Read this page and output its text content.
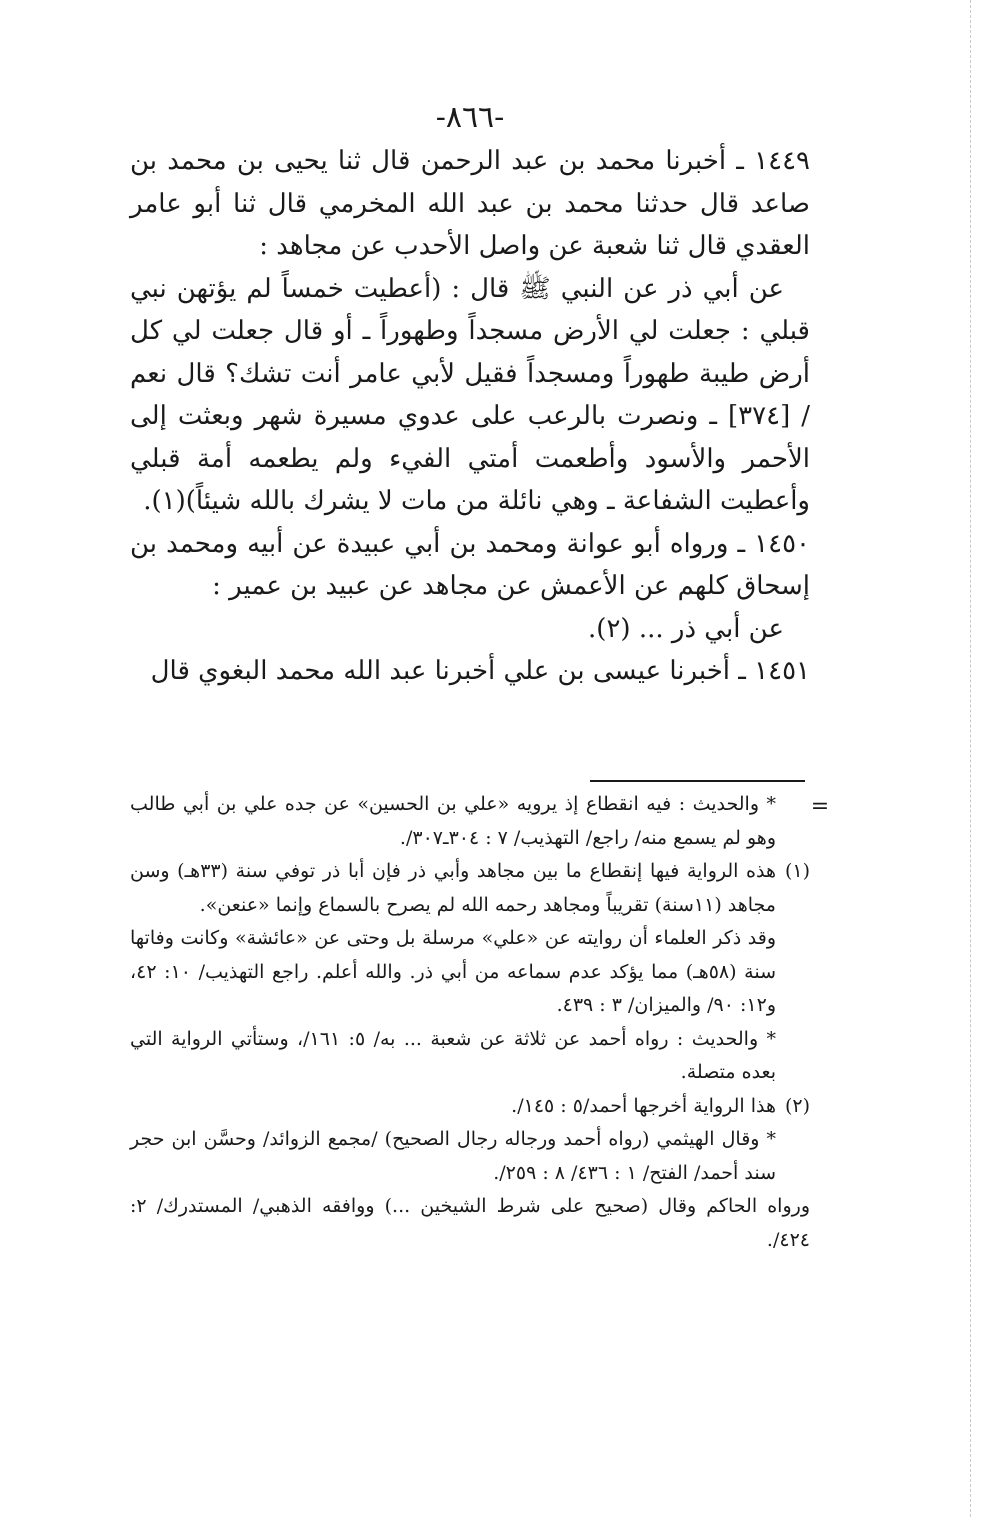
-٨٦٦-

١٤٤٩ ـ أخبرنا محمد بن عبد الرحمن قال ثنا يحيى بن محمد بن صاعد قال حدثنا محمد بن عبد الله المخرمي قال ثنا أبو عامر العقدي قال ثنا شعبة عن واصل الأحدب عن مجاهد :

عن أبي ذر عن النبي ﷺ قال : (أعطيت خمساً لم يؤتهن نبي قبلي : جعلت لي الأرض مسجداً وطهوراً ـ أو قال جعلت لي كل أرض طيبة طهوراً ومسجداً فقيل لأبي عامر أنت تشك؟ قال نعم / [٣٧٤] ـ ونصرت بالرعب على عدوي مسيرة شهر وبعثت إلى الأحمر والأسود وأطعمت أمتي الفيء ولم يطعمه أمة قبلي وأعطيت الشفاعة ـ وهي نائلة من مات لا يشرك بالله شيئاً)(١).

١٤٥٠ ـ ورواه أبو عوانة ومحمد بن أبي عبيدة عن أبيه ومحمد بن إسحاق كلهم عن الأعمش عن مجاهد عن عبيد بن عمير :

عن أبي ذر ... (٢).

١٤٥١ ـ أخبرنا عيسى بن علي أخبرنا عبد الله محمد البغوي قال

=

* والحديث : فيه انقطاع إذ يرويه «علي بن الحسين» عن جده علي بن أبي طالب وهو لم يسمع منه/ راجع/ التهذيب/ ٧ : ٣٠٤ـ٣٠٧/.

(١)

هذه الرواية فيها إنقطاع ما بين مجاهد وأبي ذر فإن أبا ذر توفي سنة (٣٣هـ) وسن مجاهد (١١سنة) تقريباً ومجاهد رحمه الله لم يصرح بالسماع وإنما «عنعن».

وقد ذكر العلماء أن روايته عن «علي» مرسلة بل وحتى عن «عائشة» وكانت وفاتها سنة (٥٨هـ) مما يؤكد عدم سماعه من أبي ذر. والله أعلم. راجع التهذيب/ ١٠: ٤٢، و١٢: ٩٠/ والميزان/ ٣ : ٤٣٩.

* والحديث : رواه أحمد عن ثلاثة عن شعبة ... به/ ٥: ١٦١/، وستأتي الرواية التي بعده متصلة.

(٢)

هذا الرواية أخرجها أحمد/٥ : ١٤٥/.

* وقال الهيثمي (رواه أحمد ورجاله رجال الصحيح) /مجمع الزوائد/ وحسَّن ابن حجر سند أحمد/ الفتح/ ١ : ٤٣٦/ ٨ : ٢٥٩/.

ورواه الحاكم وقال (صحيح على شرط الشيخين ...) ووافقه الذهبي/ المستدرك/ ٢: ٤٢٤/.
